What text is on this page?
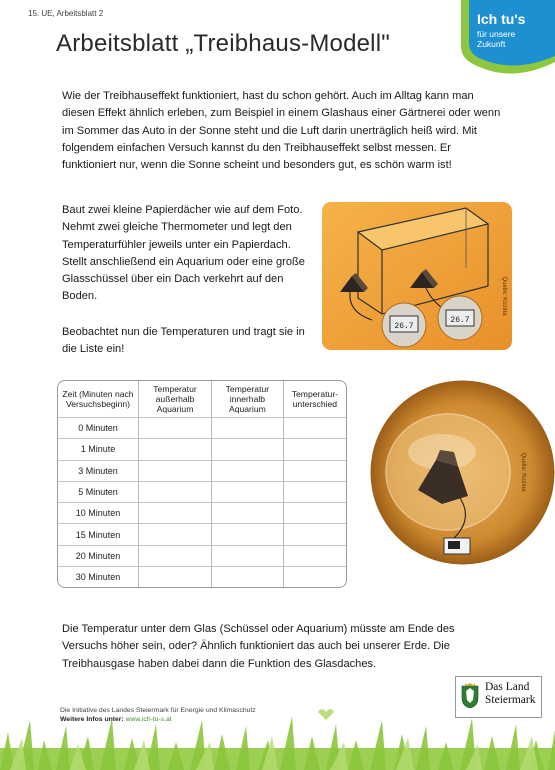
15. UE, Arbeitsblatt 2	Ich tu's
für unsere
Zukunft
Arbeitsblatt „Treibhaus-Modell"
Wie der Treibhauseffekt funktioniert, hast du schon gehört. Auch im Alltag kann man diesen Effekt ähnlich erleben, zum Beispiel in einem Glashaus einer Gärtnerei oder wenn im Sommer das Auto in der Sonne steht und die Luft darin unerträglich heiß wird. Mit folgendem einfachen Versuch kannst du den Treibhauseffekt selbst messen. Er funktioniert nur, wenn die Sonne scheint und besonders gut, es schön warm ist!
Baut zwei kleine Papierdächer wie auf dem Foto. Nehmt zwei gleiche Thermometer und legt den Temperaturfühler jeweils unter ein Papierdach. Stellt anschließend ein Aquarium oder eine große Glasschüssel über ein Dach verkehrt auf den Boden.
26.7
26.7
Quelle: Kozina
Beobachtet nun die Temperaturen und tragt sie in die Liste ein!
Zeit (Minuten nach Versuchsbeginn)	Temperatur außerhalb Aquarium	Temperatur innerhalb Aquarium	Temperatur-unterschied
0 Minuten			
1 Minute			
3 Minuten			
5 Minuten			
10 Minuten			
15 Minuten			
20 Minuten			
30 Minuten			
Quelle: Kozina
Die Temperatur unter dem Glas (Schüssel oder Aquarium) müsste am Ende des Versuchs höher sein, oder? Ähnlich funktioniert das auch bei unserer Erde. Die Treibhausgase haben dabei dann die Funktion des Glasdaches.
Die Initiative des Landes Steiermark für Energie und Klimaschutz
Weitere Infos unter: www.ich-tu-s.at
Das Land
Steiermark
